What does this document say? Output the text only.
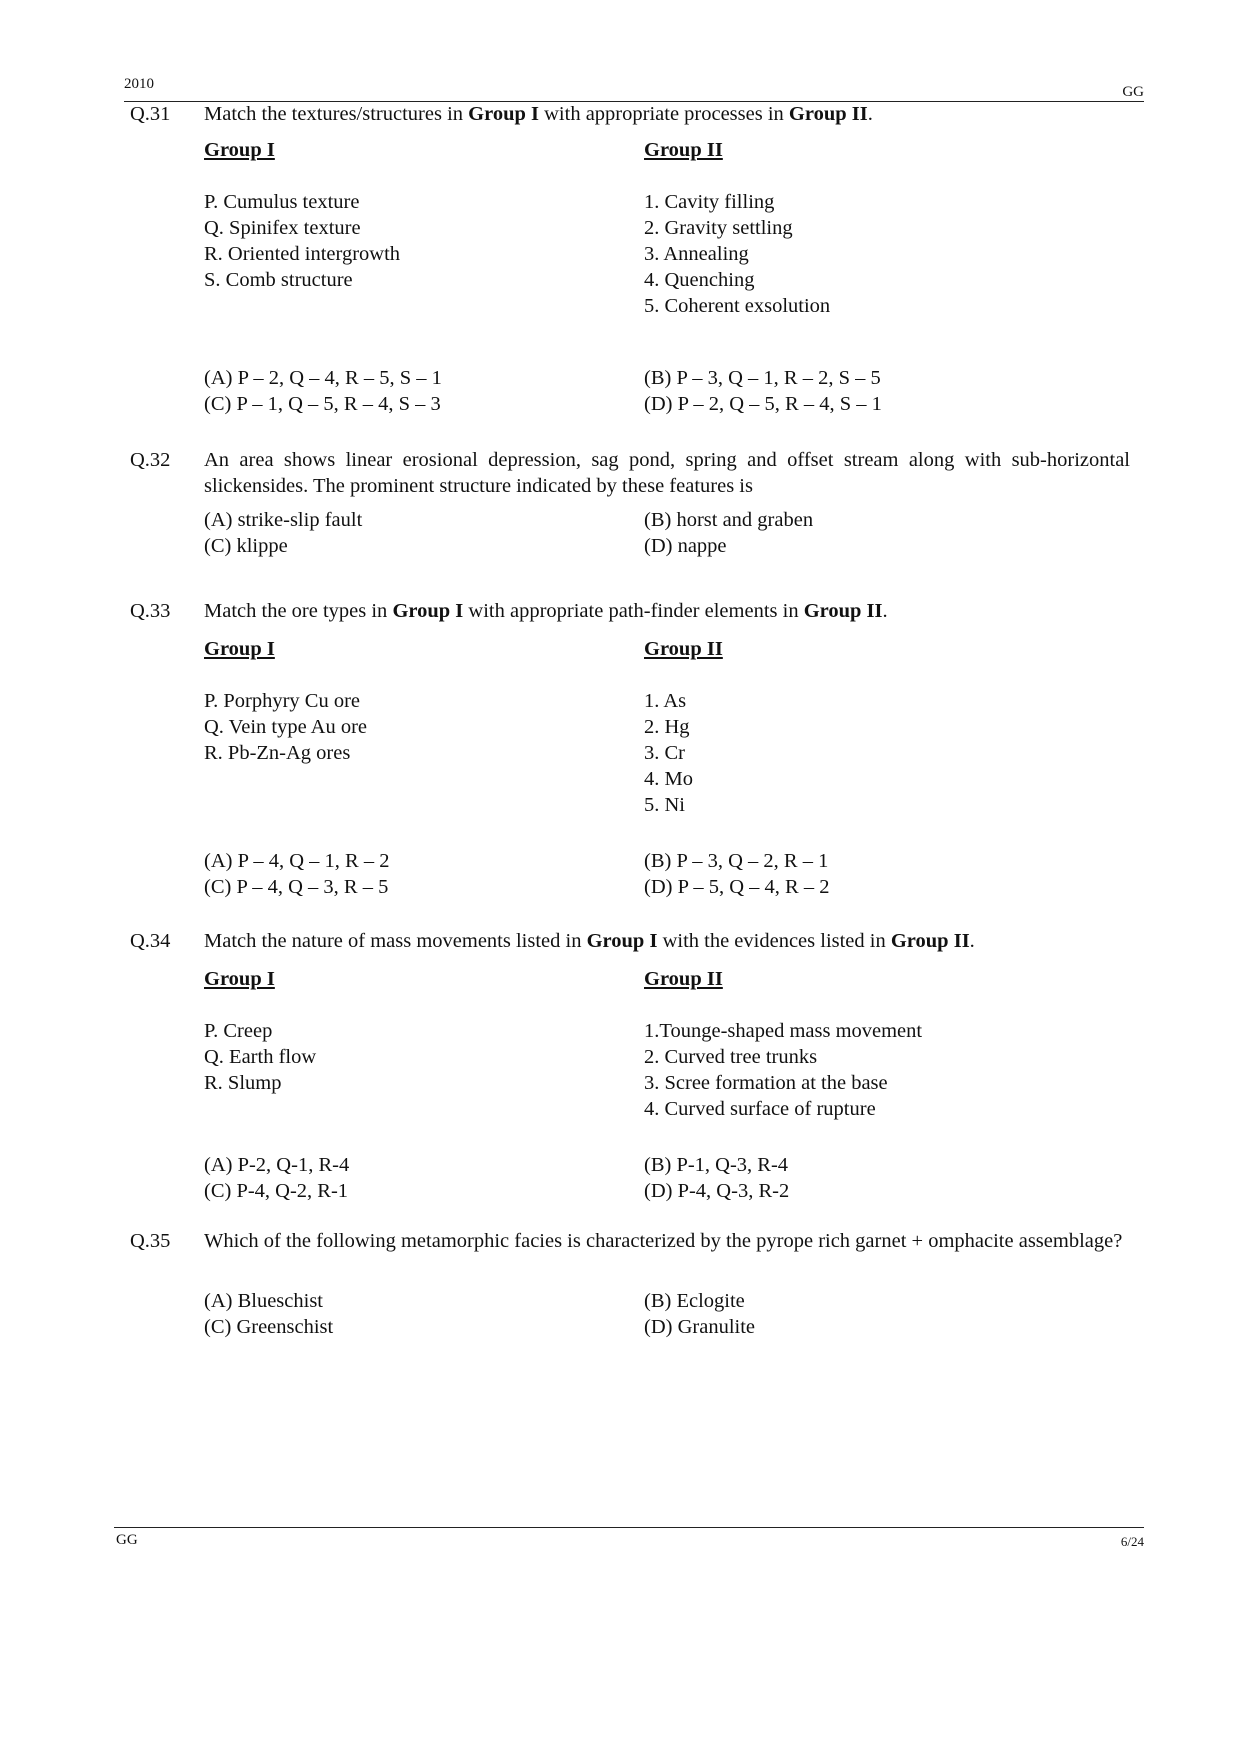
2010	GG
Q.31 Match the textures/structures in Group I with appropriate processes in Group II.
Group I
P. Cumulus texture
Q. Spinifex texture
R. Oriented intergrowth
S. Comb structure
Group II
1. Cavity filling
2. Gravity settling
3. Annealing
4. Quenching
5. Coherent exsolution
(A) P – 2, Q – 4, R – 5, S – 1
(C) P – 1, Q – 5, R – 4, S – 3
(B) P – 3, Q – 1, R – 2, S – 5
(D) P – 2, Q – 5, R – 4, S – 1
Q.32 An area shows linear erosional depression, sag pond, spring and offset stream along with sub-horizontal slickensides. The prominent structure indicated by these features is
(A) strike-slip fault
(C) klippe
(B) horst and graben
(D) nappe
Q.33 Match the ore types in Group I with appropriate path-finder elements in Group II.
Group I
P. Porphyry Cu ore
Q. Vein type Au ore
R. Pb-Zn-Ag ores
Group II
1. As
2. Hg
3. Cr
4. Mo
5. Ni
(A) P – 4, Q – 1, R – 2
(C) P – 4, Q – 3, R – 5
(B) P – 3, Q – 2, R – 1
(D) P – 5, Q – 4, R – 2
Q.34 Match the nature of mass movements listed in Group I with the evidences listed in Group II.
Group I
P. Creep
Q. Earth flow
R. Slump
Group II
1.Tounge-shaped mass movement
2. Curved tree trunks
3. Scree formation at the base
4. Curved surface of rupture
(A) P-2, Q-1, R-4
(C) P-4, Q-2, R-1
(B) P-1, Q-3, R-4
(D) P-4, Q-3, R-2
Q.35 Which of the following metamorphic facies is characterized by the pyrope rich garnet + omphacite assemblage?
(A) Blueschist
(C) Greenschist
(B) Eclogite
(D) Granulite
GG	6/24
